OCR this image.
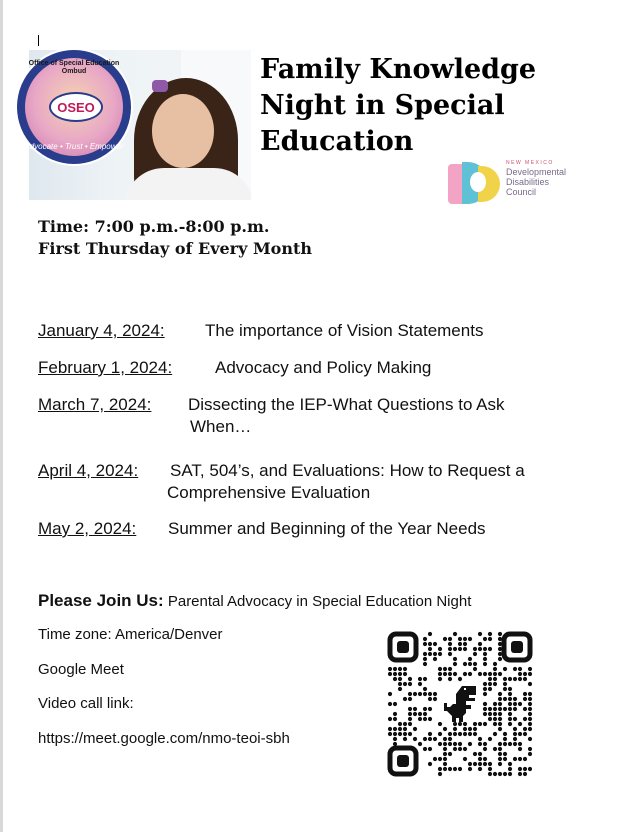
Office of Special Education Ombud
OSEO
Advocate • Trust • Empower
Family Knowledge Night in Special Education
NEW MEXICO
Developmental
Disabilities
Council
Time: 7:00 p.m.-8:00 p.m.
First Thursday of Every Month
January 4, 2024: The importance of Vision Statements
February 1, 2024:	Advocacy and Policy Making
March 7, 2024: Dissecting the IEP-What Questions to Ask
When…
April 4, 2024: SAT, 504’s, and Evaluations: How to Request a
Comprehensive Evaluation
May 2, 2024: Summer and Beginning of the Year Needs
Please Join Us: Parental Advocacy in Special Education Night
Time zone: America/Denver
Google Meet
Video call link:
https://meet.google.com/nmo-teoi-sbh
